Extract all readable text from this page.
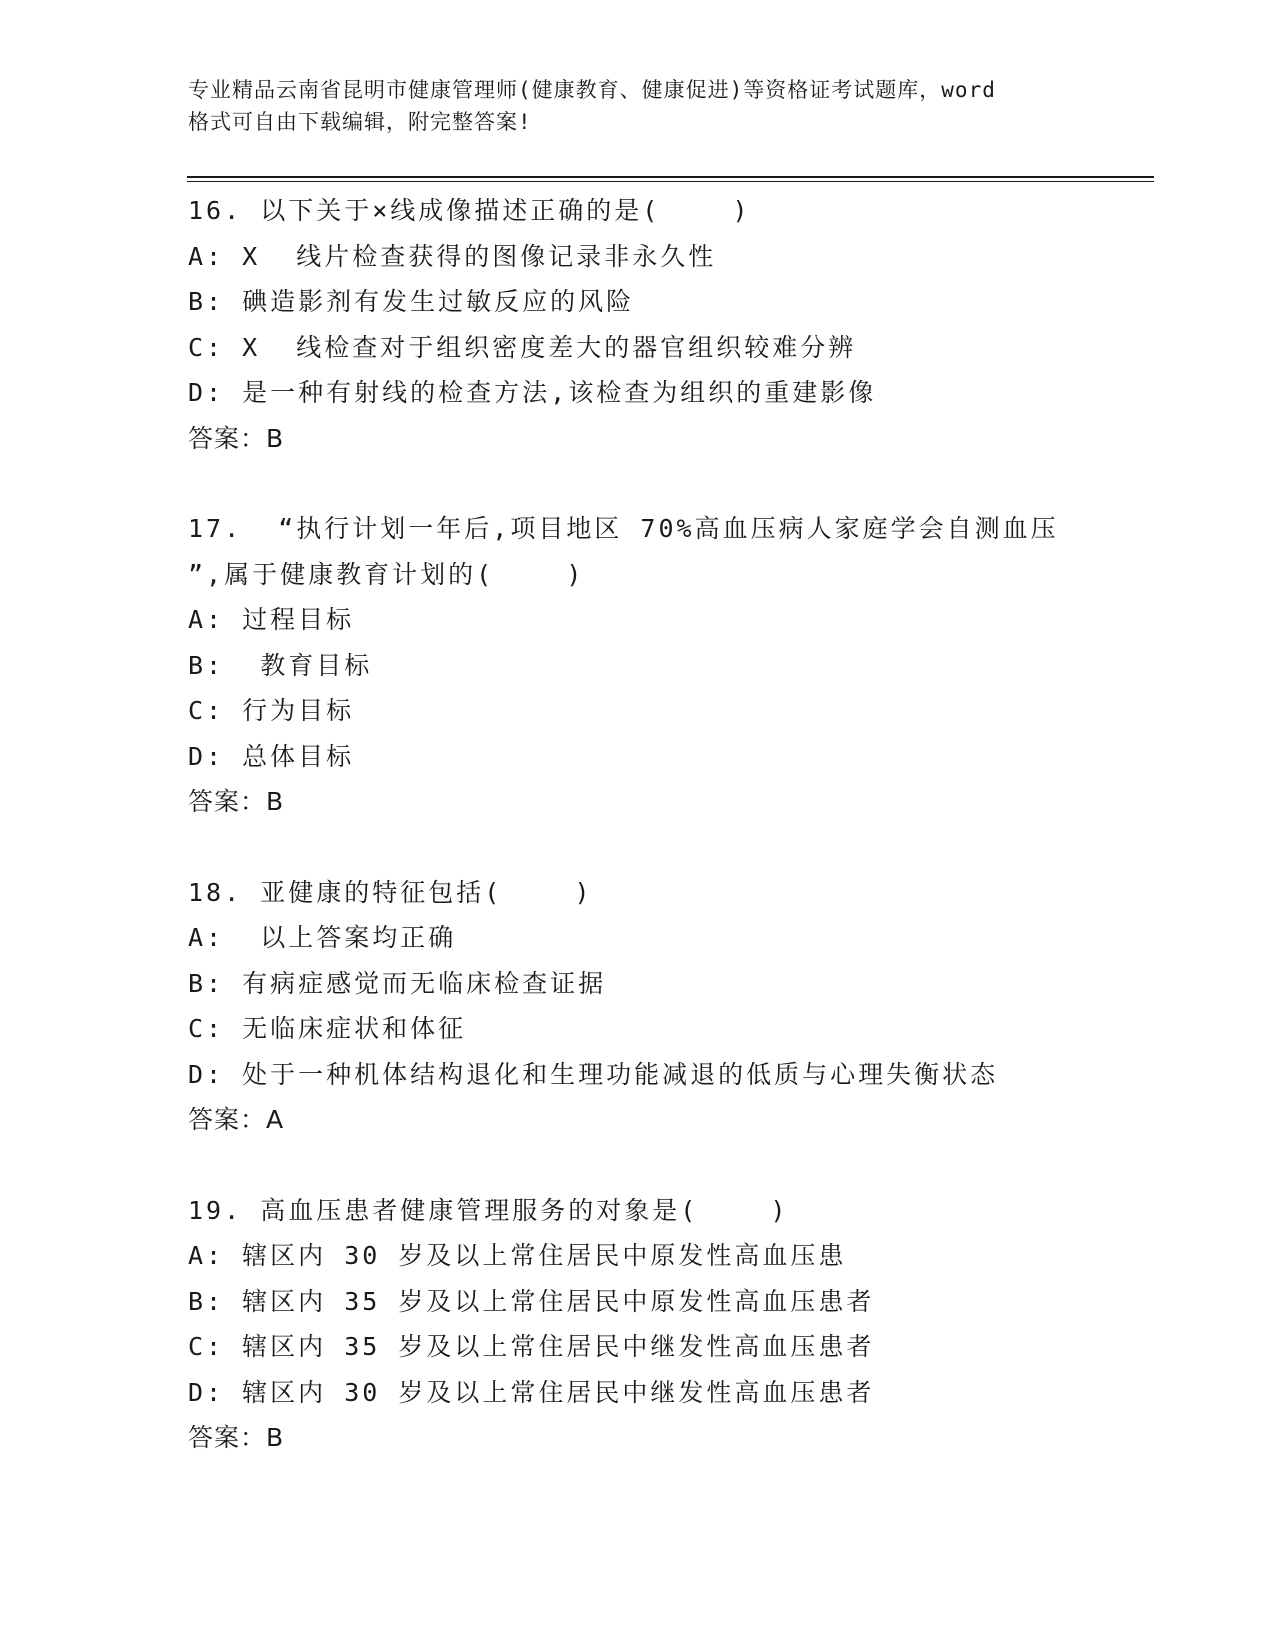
专业精品云南省昆明市健康管理师(健康教育、健康促进)等资格证考试题库，word
格式可自由下载编辑，附完整答案!
16. 以下关于×线成像描述正确的是(    )
A: X  线片检查获得的图像记录非永久性
B: 碘造影剂有发生过敏反应的风险
C: X  线检查对于组织密度差大的器官组织较难分辨
D: 是一种有射线的检查方法,该检查为组织的重建影像
答案：B
17.  “执行计划一年后,项目地区 70%高血压病人家庭学会自测血压
”,属于健康教育计划的(    )
A: 过程目标
B:  教育目标
C: 行为目标
D: 总体目标
答案：B
18. 亚健康的特征包括(    )
A:  以上答案均正确
B: 有病症感觉而无临床检查证据
C: 无临床症状和体征
D: 处于一种机体结构退化和生理功能减退的低质与心理失衡状态
答案：A
19. 高血压患者健康管理服务的对象是(    )
A: 辖区内 30 岁及以上常住居民中原发性高血压患
B: 辖区内 35 岁及以上常住居民中原发性高血压患者
C: 辖区内 35 岁及以上常住居民中继发性高血压患者
D: 辖区内 30 岁及以上常住居民中继发性高血压患者
答案：B
